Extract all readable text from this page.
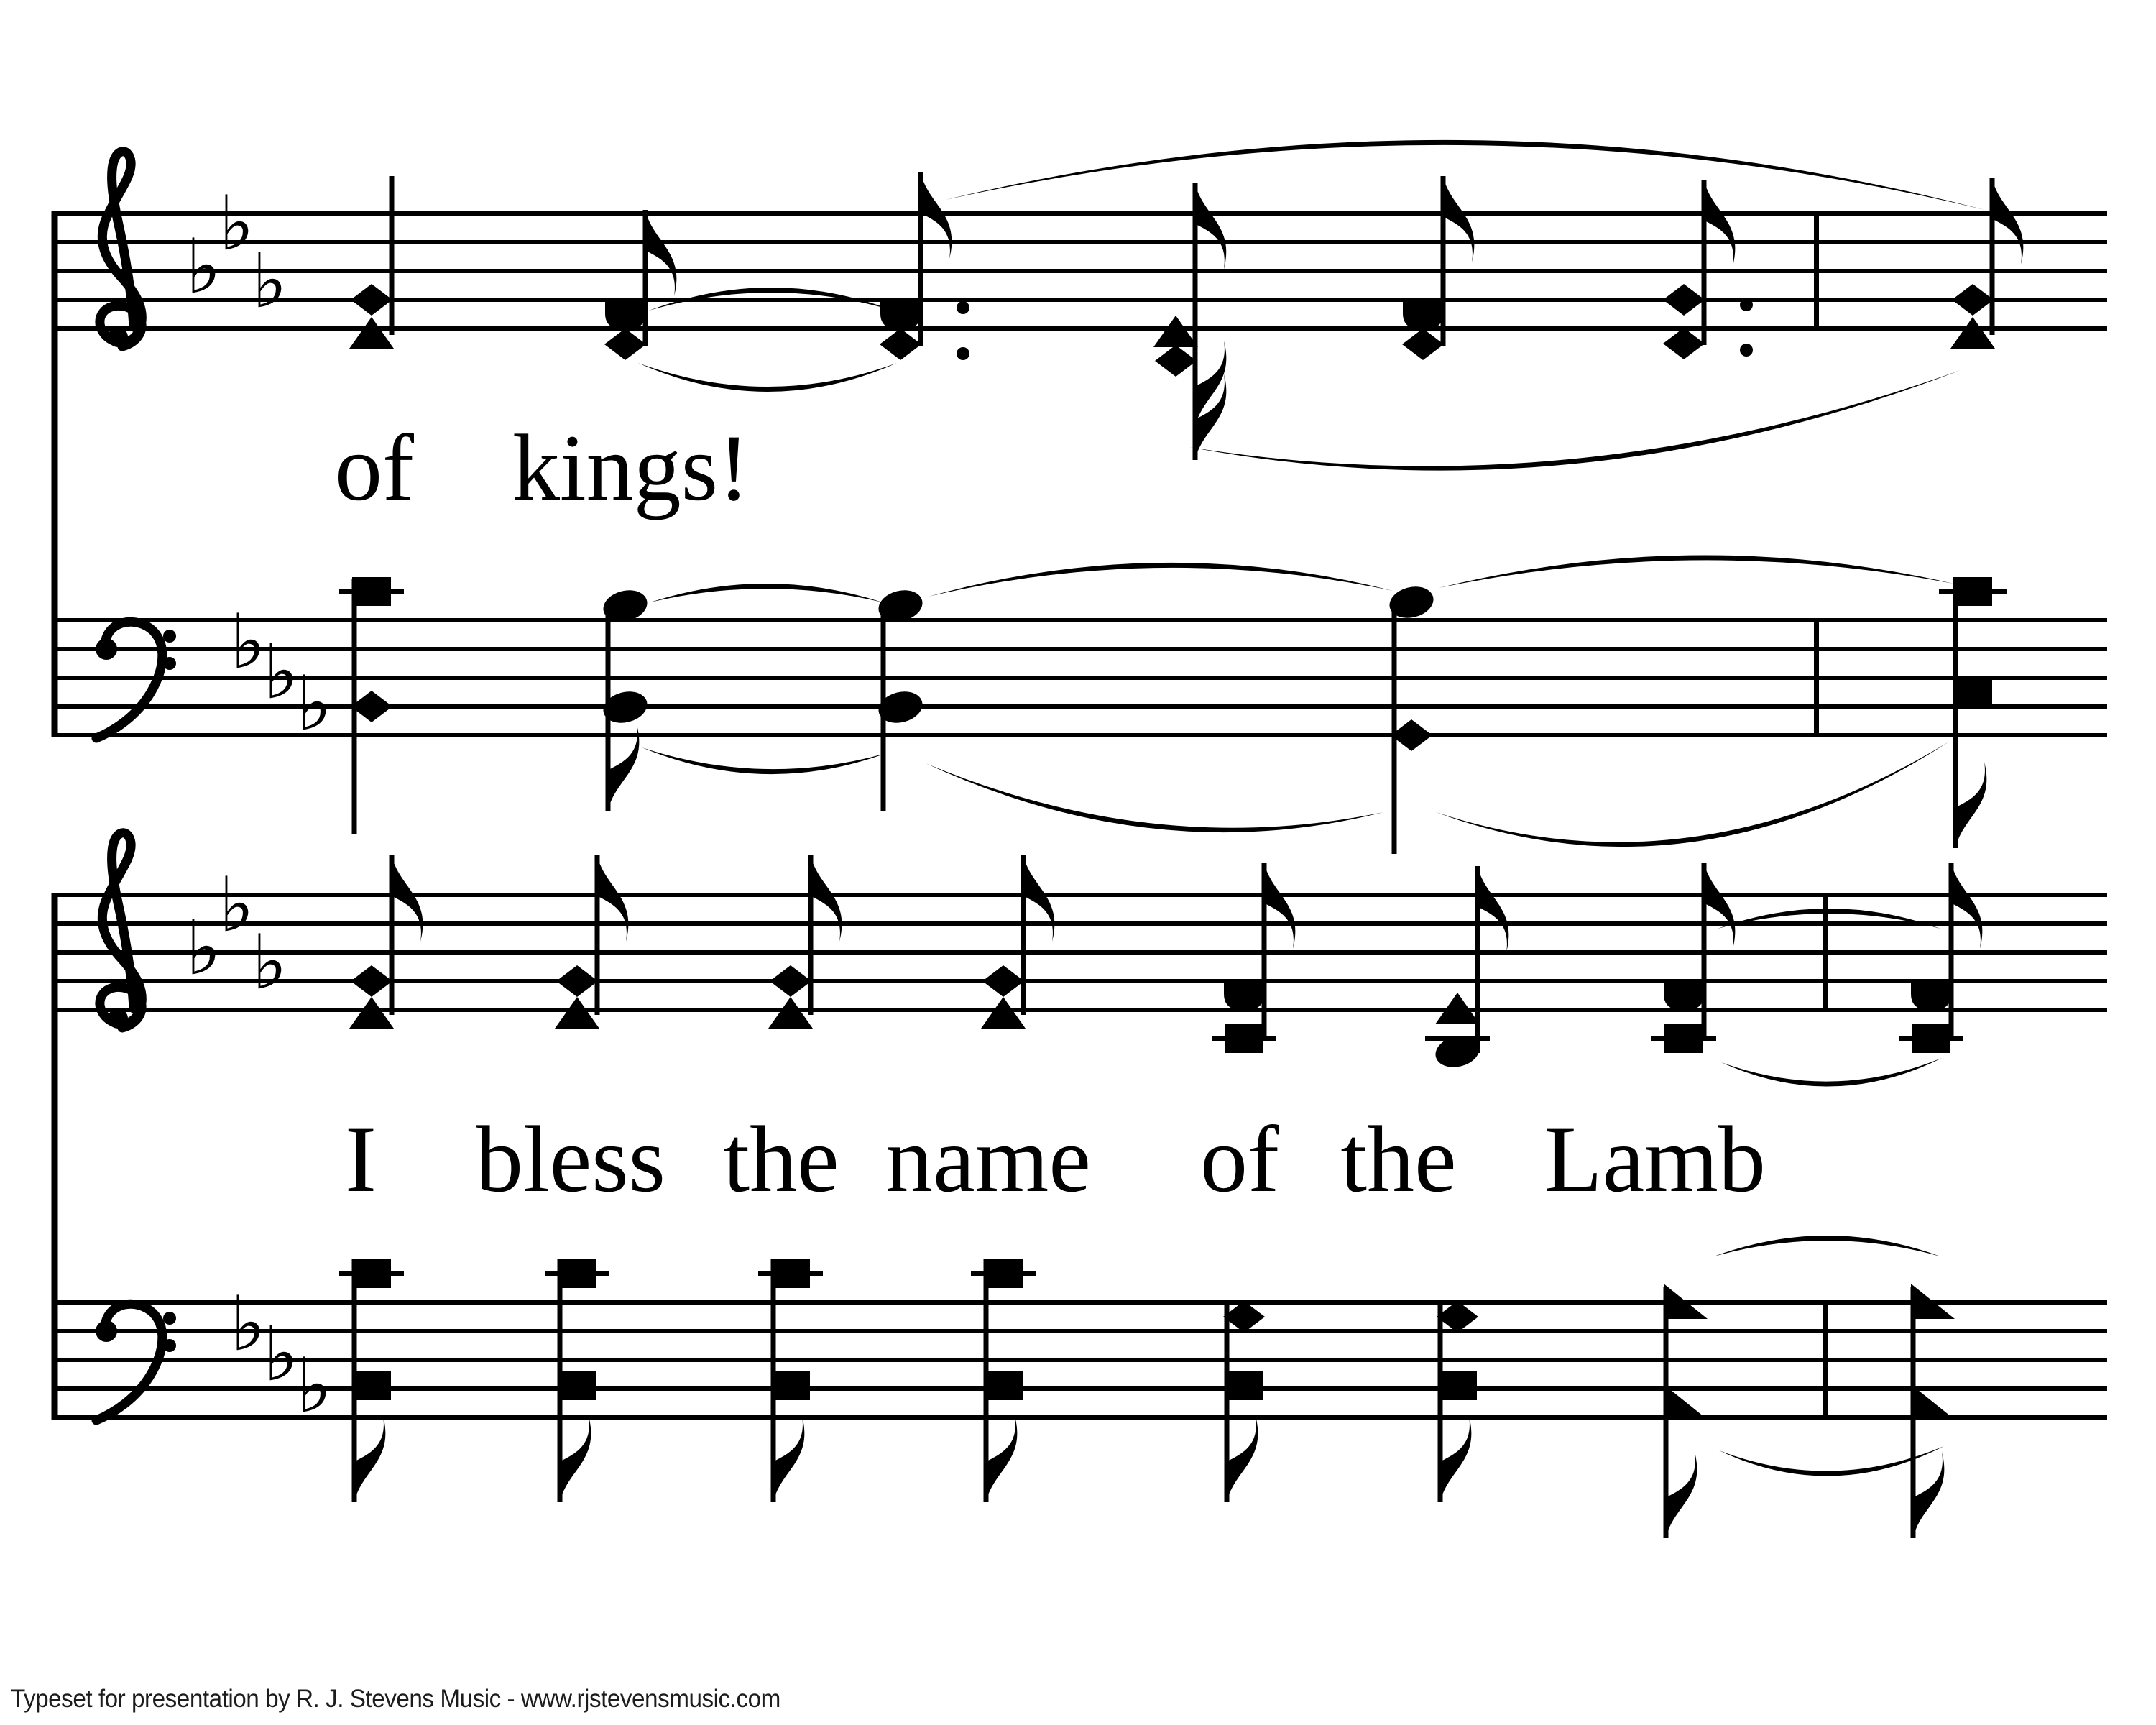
♭
♭
♭
♭
♭
♭
♭
♭
♭
♭
♭
♭
of kings!
I bless the name of the Lamb
Typeset for presentation by R. J. Stevens Music - www.rjstevensmusic.com
